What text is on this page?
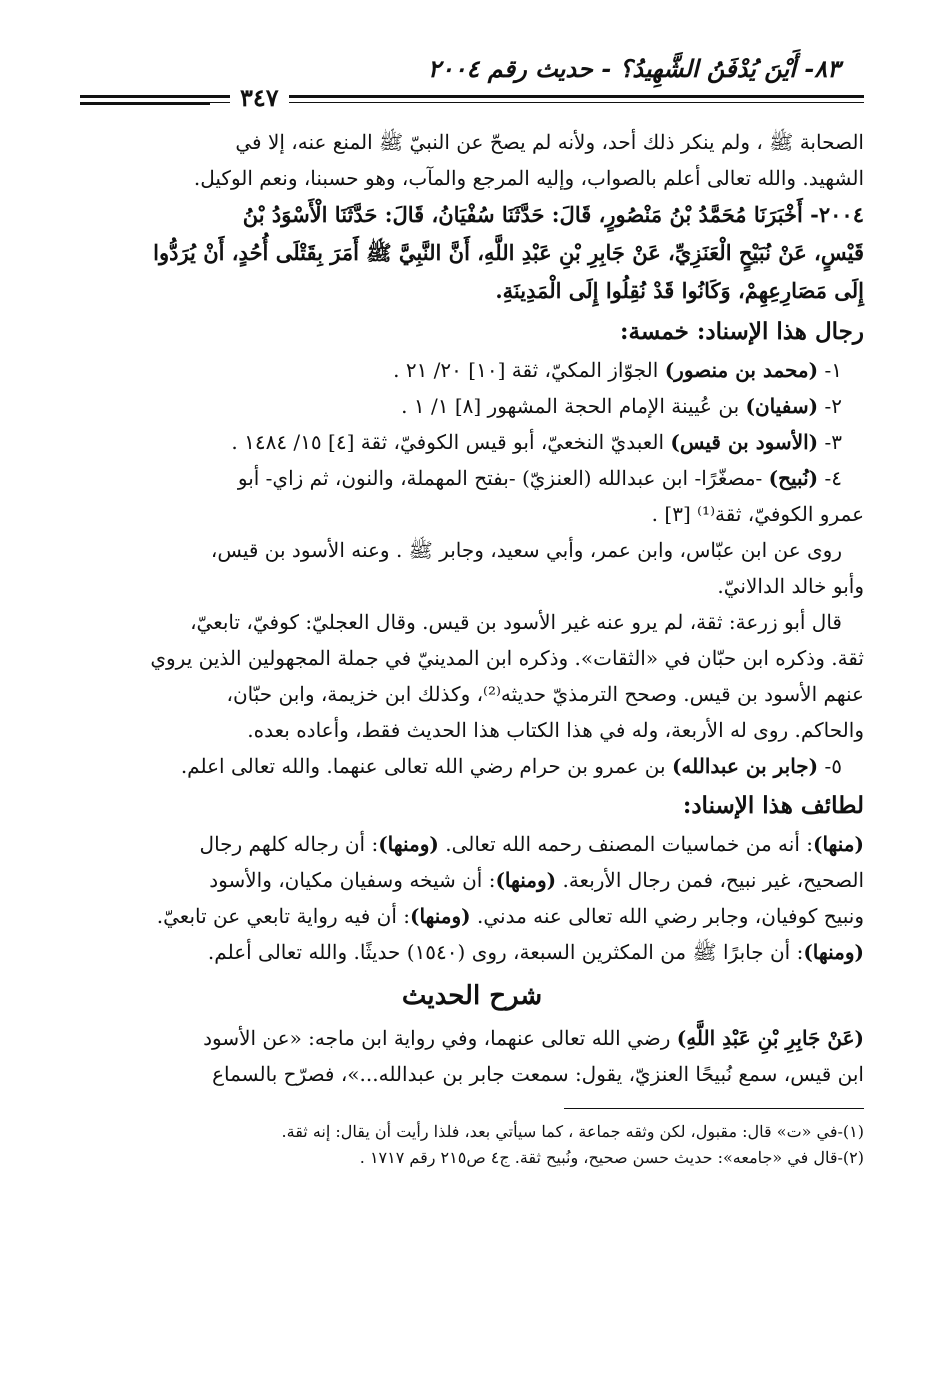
٨٣- أَيْنَ يُدْفَنُ الشَّهِيدُ؟ - حديث رقم ٢٠٠٤
٣٤٧

الصحابة ﷺ ، ولم ينكر ذلك أحد، ولأنه لم يصحّ عن النبيّ ﷺ المنع عنه، إلا في

الشهيد. والله تعالى أعلم بالصواب، وإليه المرجع والمآب، وهو حسبنا، ونعم الوكيل.

٢٠٠٤- أَخْبَرَنَا مُحَمَّدُ بْنُ مَنْصُورٍ، قَالَ: حَدَّثَنَا سُفْيَانُ، قَالَ: حَدَّثَنَا الْأَسْوَدُ بْنُ

قَيْسٍ، عَنْ نُبَيْحٍ الْعَنَزِيِّ، عَنْ جَابِرِ بْنِ عَبْدِ اللَّهِ، أَنَّ النَّبِيَّ ﷺ أَمَرَ بِقَتْلَى أُحُدٍ، أَنْ يُرَدُّوا

إِلَى مَصَارِعِهِمْ، وَكَانُوا قَدْ نُقِلُوا إِلَى الْمَدِينَةِ.

رجال هذا الإسناد: خمسة:

١- (محمد بن منصور) الجوّاز المكيّ، ثقة [١٠] ٢٠/ ٢١ .

٢- (سفيان) بن عُيينة الإمام الحجة المشهور [٨] ١/ ١ .

٣- (الأسود بن قيس) العبديّ النخعيّ، أبو قيس الكوفيّ، ثقة [٤] ١٥/ ١٤٨٤ .

٤- (نُبيح) -مصغّرًا- ابن عبدالله (العنزيّ) -بفتح المهملة، والنون، ثم زاي- أبو

عمرو الكوفيّ، ثقة⁽¹⁾ [٣] .

روى عن ابن عبّاس، وابن عمر، وأبي سعيد، وجابر ﷺ . وعنه الأسود بن قيس،

وأبو خالد الدالانيّ.

قال أبو زرعة: ثقة، لم يرو عنه غير الأسود بن قيس. وقال العجليّ: كوفيّ، تابعيّ،

ثقة. وذكره ابن حبّان في «الثقات». وذكره ابن المدينيّ في جملة المجهولين الذين يروي

عنهم الأسود بن قيس. وصحح الترمذيّ حديثه⁽²⁾، وكذلك ابن خزيمة، وابن حبّان،

والحاكم. روى له الأربعة، وله في هذا الكتاب هذا الحديث فقط، وأعاده بعده.

٥- (جابر بن عبدالله) بن عمرو بن حرام رضي الله تعالى عنهما. والله تعالى اعلم.

لطائف هذا الإسناد:

(منها): أنه من خماسيات المصنف رحمه الله تعالى. (ومنها): أن رجاله كلهم رجال

الصحيح، غير نبيح، فمن رجال الأربعة. (ومنها): أن شيخه وسفيان مكيان، والأسود

ونبيح كوفيان، وجابر رضي الله تعالى عنه مدني. (ومنها): أن فيه رواية تابعي عن تابعيّ.

(ومنها): أن جابرًا ﷺ من المكثرين السبعة، روى (١٥٤٠) حديثًا. والله تعالى أعلم.

شرح الحديث

(عَنْ جَابِرِ بْنِ عَبْدِ اللَّهِ) رضي الله تعالى عنهما، وفي رواية ابن ماجه: «عن الأسود

ابن قيس، سمع نُبيحًا العنزيّ، يقول: سمعت جابر بن عبدالله...»، فصرّح بالسماع

(١)-في «ت» قال: مقبول، لكن وثقه جماعة ، كما سيأتي بعد، فلذا رأيت أن يقال: إنه ثقة.

(٢)-قال في «جامعه»: حديث حسن صحيح، ونُبيح ثقة. ج٤ ص٢١٥ رقم ١٧١٧ .
